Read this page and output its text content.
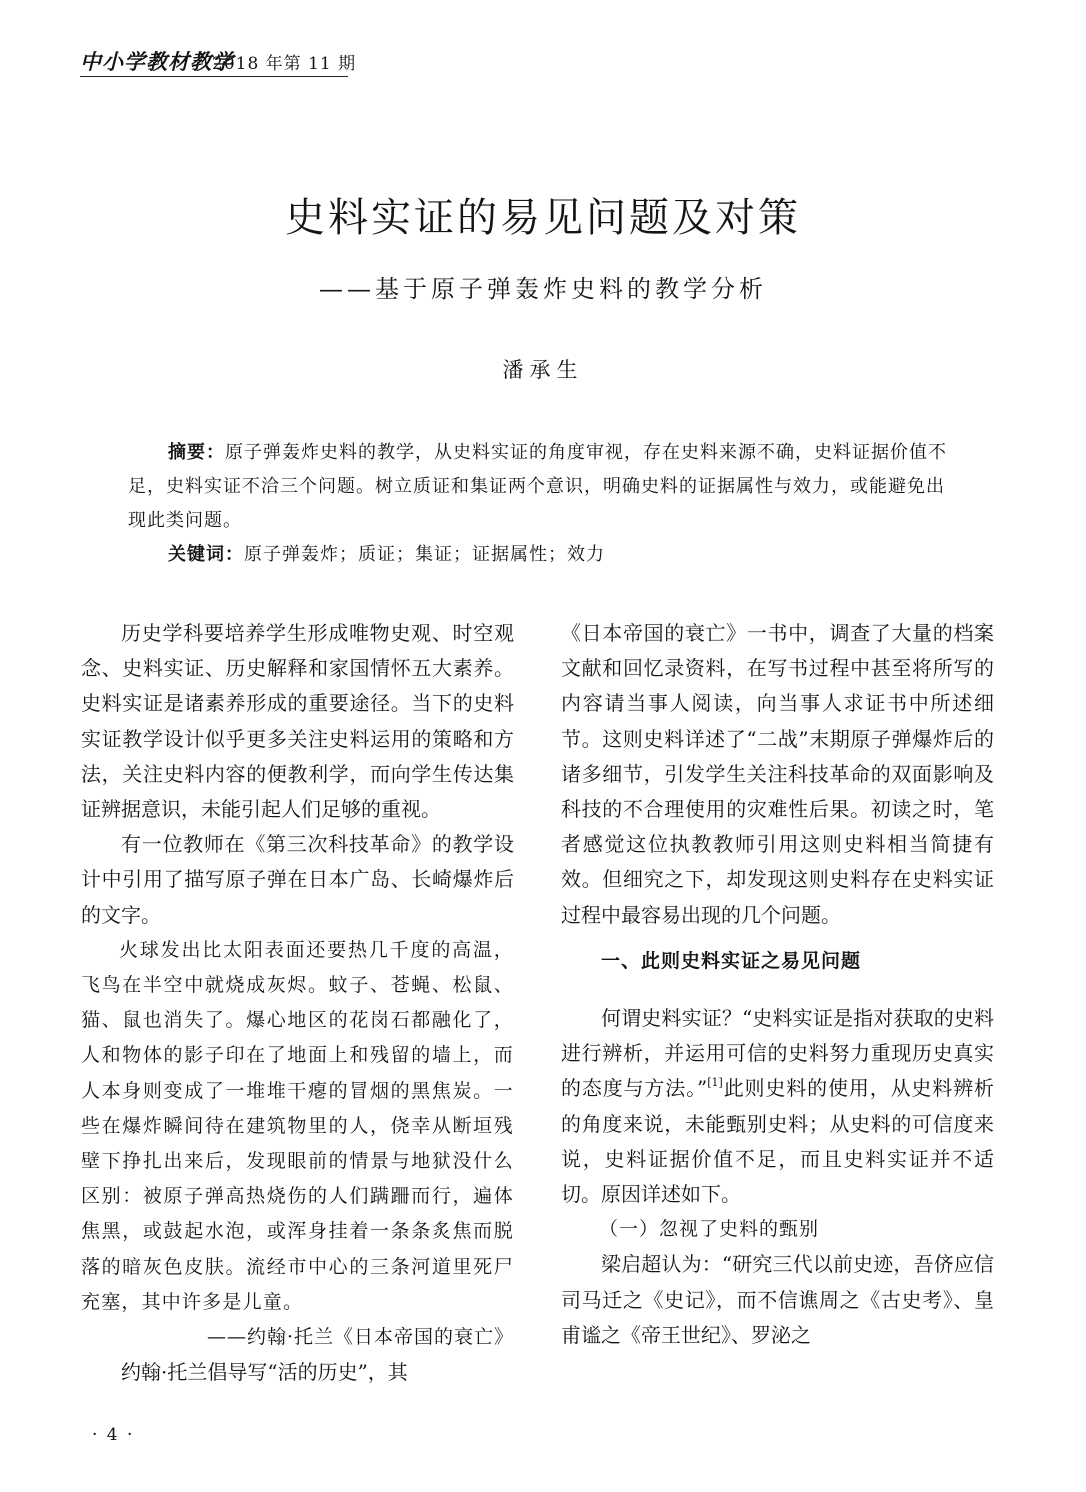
中小学教材教学
2018 年第 11 期
史料实证的易见问题及对策
——基于原子弹轰炸史料的教学分析
潘承生
摘要：原子弹轰炸史料的教学，从史料实证的角度审视，存在史料来源不确，史料证据价值不足，史料实证不洽三个问题。树立质证和集证两个意识，明确史料的证据属性与效力，或能避免出现此类问题。
关键词：原子弹轰炸；质证；集证；证据属性；效力

历史学科要培养学生形成唯物史观、时空观念、史料实证、历史解释和家国情怀五大素养。史料实证是诸素养形成的重要途径。当下的史料实证教学设计似乎更多关注史料运用的策略和方法，关注史料内容的便教利学，而向学生传达集证辨据意识，未能引起人们足够的重视。

有一位教师在《第三次科技革命》的教学设计中引用了描写原子弹在日本广岛、长崎爆炸后的文字。

火球发出比太阳表面还要热几千度的高温，飞鸟在半空中就烧成灰烬。蚊子、苍蝇、松鼠、猫、鼠也消失了。爆心地区的花岗石都融化了，人和物体的影子印在了地面上和残留的墙上，而人本身则变成了一堆堆干瘪的冒烟的黑焦炭。一些在爆炸瞬间待在建筑物里的人，侥幸从断垣残壁下挣扎出来后，发现眼前的情景与地狱没什么区别：被原子弹高热烧伤的人们蹒跚而行，遍体焦黑，或鼓起水泡，或浑身挂着一条条炙焦而脱落的暗灰色皮肤。流经市中心的三条河道里死尸充塞，其中许多是儿童。

——约翰·托兰《日本帝国的衰亡》

约翰·托兰倡导写“活的历史”，其

《日本帝国的衰亡》一书中，调查了大量的档案文献和回忆录资料，在写书过程中甚至将所写的内容请当事人阅读，向当事人求证书中所述细节。这则史料详述了“二战”末期原子弹爆炸后的诸多细节，引发学生关注科技革命的双面影响及科技的不合理使用的灾难性后果。初读之时，笔者感觉这位执教教师引用这则史料相当简捷有效。但细究之下，却发现这则史料存在史料实证过程中最容易出现的几个问题。

一、此则史料实证之易见问题

何谓史料实证？“史料实证是指对获取的史料进行辨析，并运用可信的史料努力重现历史真实的态度与方法。”[1]此则史料的使用，从史料辨析的角度来说，未能甄别史料；从史料的可信度来说，史料证据价值不足，而且史料实证并不适切。原因详述如下。

（一）忽视了史料的甄别

梁启超认为：“研究三代以前史迹，吾侪应信司马迁之《史记》，而不信谯周之《古史考》、皇甫谧之《帝王世纪》、罗泌之

· 4 ·
